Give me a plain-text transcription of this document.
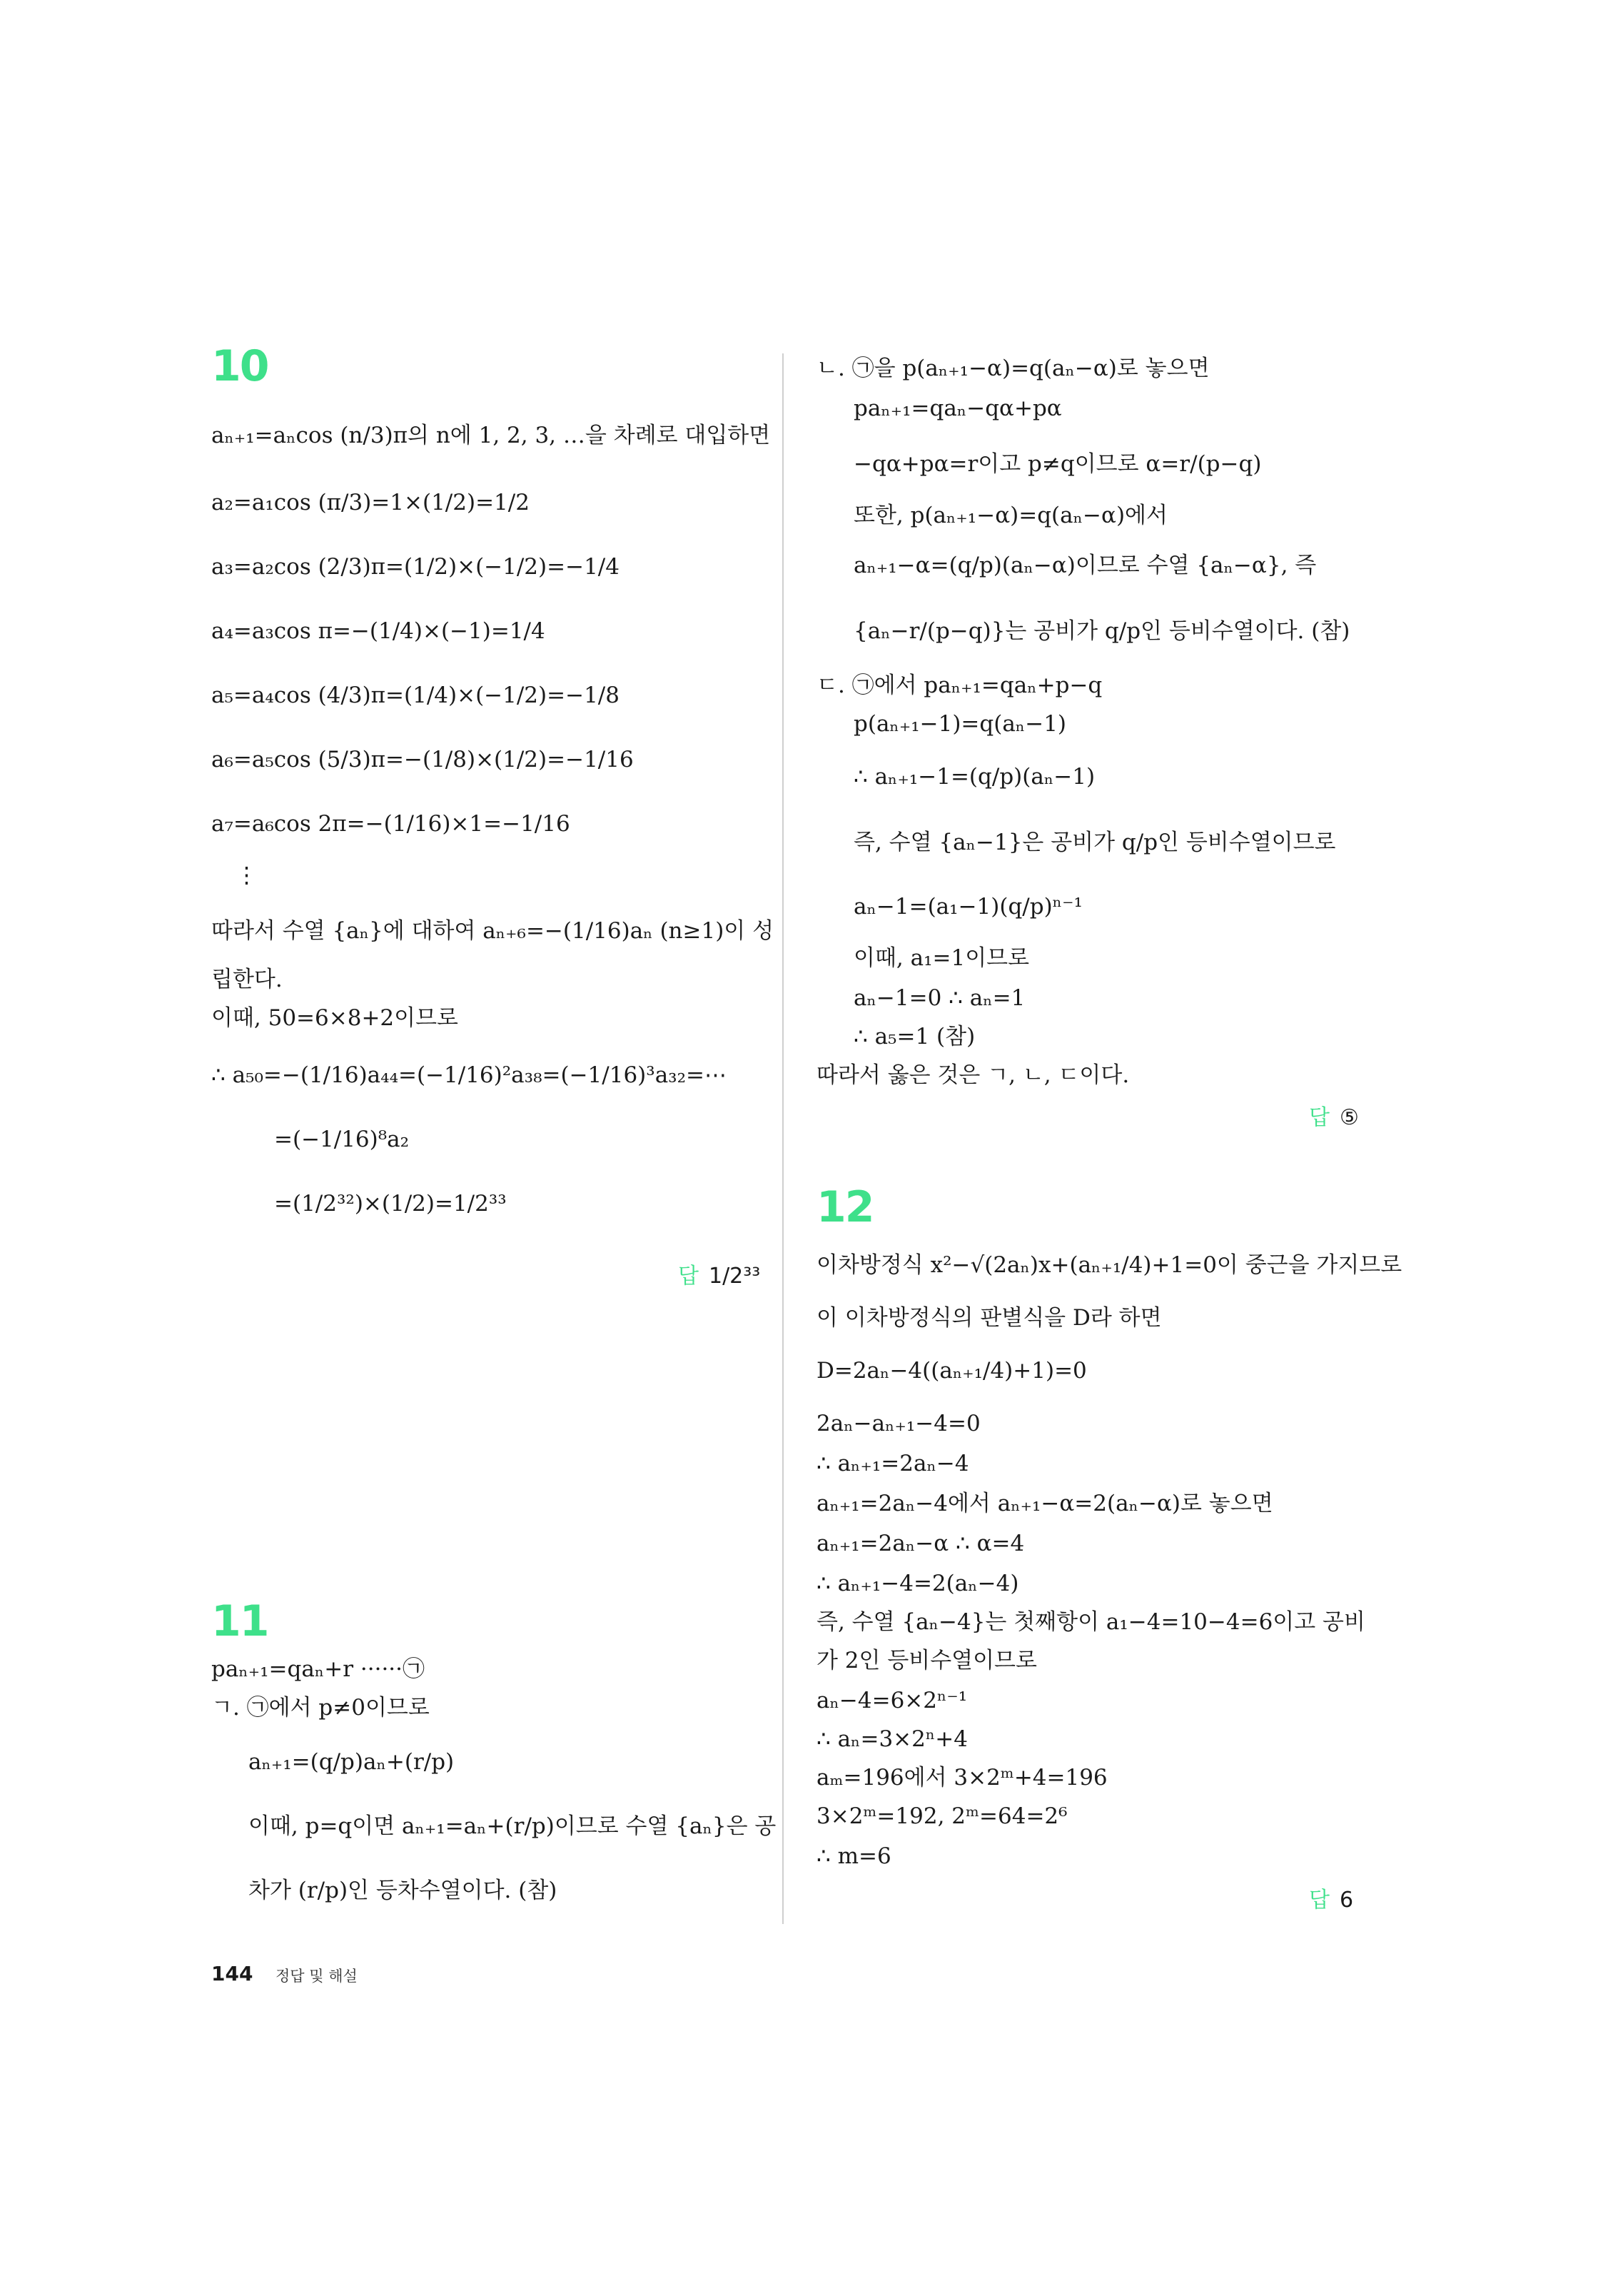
10
aₙ₊₁=aₙcos (n/3)π의 n에 1, 2, 3, …을 차례로 대입하면
a₂=a₁cos (π/3)=1×(1/2)=1/2
a₃=a₂cos (2/3)π=(1/2)×(−1/2)=−1/4
a₄=a₃cos π=−(1/4)×(−1)=1/4
a₅=a₄cos (4/3)π=(1/4)×(−1/2)=−1/8
a₆=a₅cos (5/3)π=−(1/8)×(1/2)=−1/16
a₇=a₆cos 2π=−(1/16)×1=−1/16
⋮
따라서 수열 {aₙ}에 대하여 aₙ₊₆=−(1/16)aₙ (n≥1)이 성
립한다.
이때, 50=6×8+2이므로
∴ a₅₀=−(1/16)a₄₄=(−1/16)²a₃₈=(−1/16)³a₃₂=⋯
=(−1/16)⁸a₂
=(1/2³²)×(1/2)=1/2³³
답 1/2³³
11
paₙ₊₁=qaₙ+r ······㉠
ㄱ. ㉠에서 p≠0이므로
aₙ₊₁=(q/p)aₙ+(r/p)
이때, p=q이면 aₙ₊₁=aₙ+(r/p)이므로 수열 {aₙ}은 공
차가 (r/p)인 등차수열이다. (참)
ㄴ. ㉠을 p(aₙ₊₁−α)=q(aₙ−α)로 놓으면
paₙ₊₁=qaₙ−qα+pα
−qα+pα=r이고 p≠q이므로 α=r/(p−q)
또한, p(aₙ₊₁−α)=q(aₙ−α)에서
aₙ₊₁−α=(q/p)(aₙ−α)이므로 수열 {aₙ−α}, 즉
{aₙ−r/(p−q)}는 공비가 q/p인 등비수열이다. (참)
ㄷ. ㉠에서 paₙ₊₁=qaₙ+p−q
p(aₙ₊₁−1)=q(aₙ−1)
∴ aₙ₊₁−1=(q/p)(aₙ−1)
즉, 수열 {aₙ−1}은 공비가 q/p인 등비수열이므로
aₙ−1=(a₁−1)(q/p)ⁿ⁻¹
이때, a₁=1이므로
aₙ−1=0 ∴ aₙ=1
∴ a₅=1 (참)
따라서 옳은 것은 ㄱ, ㄴ, ㄷ이다.
답 ⑤
12
이차방정식 x²−√(2aₙ)x+(aₙ₊₁/4)+1=0이 중근을 가지므로
이 이차방정식의 판별식을 D라 하면
D=2aₙ−4((aₙ₊₁/4)+1)=0
2aₙ−aₙ₊₁−4=0
∴ aₙ₊₁=2aₙ−4
aₙ₊₁=2aₙ−4에서 aₙ₊₁−α=2(aₙ−α)로 놓으면
aₙ₊₁=2aₙ−α ∴ α=4
∴ aₙ₊₁−4=2(aₙ−4)
즉, 수열 {aₙ−4}는 첫째항이 a₁−4=10−4=6이고 공비
가 2인 등비수열이므로
aₙ−4=6×2ⁿ⁻¹
∴ aₙ=3×2ⁿ+4
aₘ=196에서 3×2ᵐ+4=196
3×2ᵐ=192, 2ᵐ=64=2⁶
∴ m=6
답 6
144 정답 및 해설
